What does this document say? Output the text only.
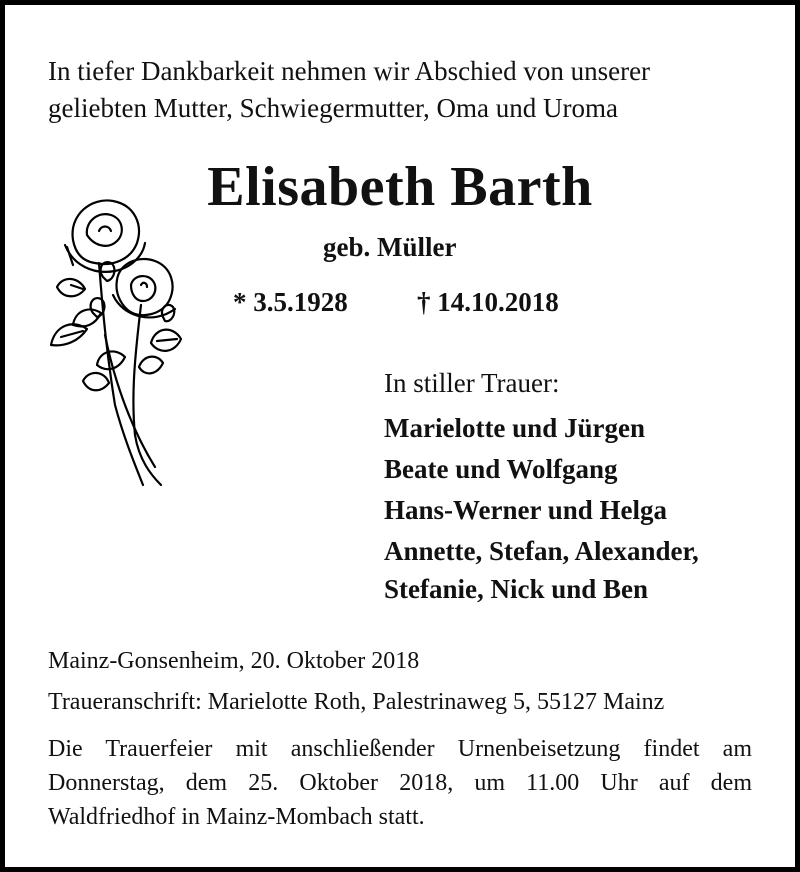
In tiefer Dankbarkeit nehmen wir Abschied von unserer
geliebten Mutter, Schwiegermutter, Oma und Uroma
Elisabeth Barth
geb. Müller
* 3.5.1928	† 14.10.2018
In stiller Trauer:
Marielotte und Jürgen
Beate und Wolfgang
Hans-Werner und Helga
Annette, Stefan, Alexander,
Stefanie, Nick und Ben
Mainz-Gonsenheim, 20. Oktober 2018
Traueranschrift: Marielotte Roth, Palestrinaweg 5, 55127 Mainz
Die Trauerfeier mit anschließender Urnenbeisetzung findet am
Donnerstag, dem 25. Oktober 2018, um 11.00 Uhr auf dem
Waldfriedhof in Mainz-Mombach statt.
